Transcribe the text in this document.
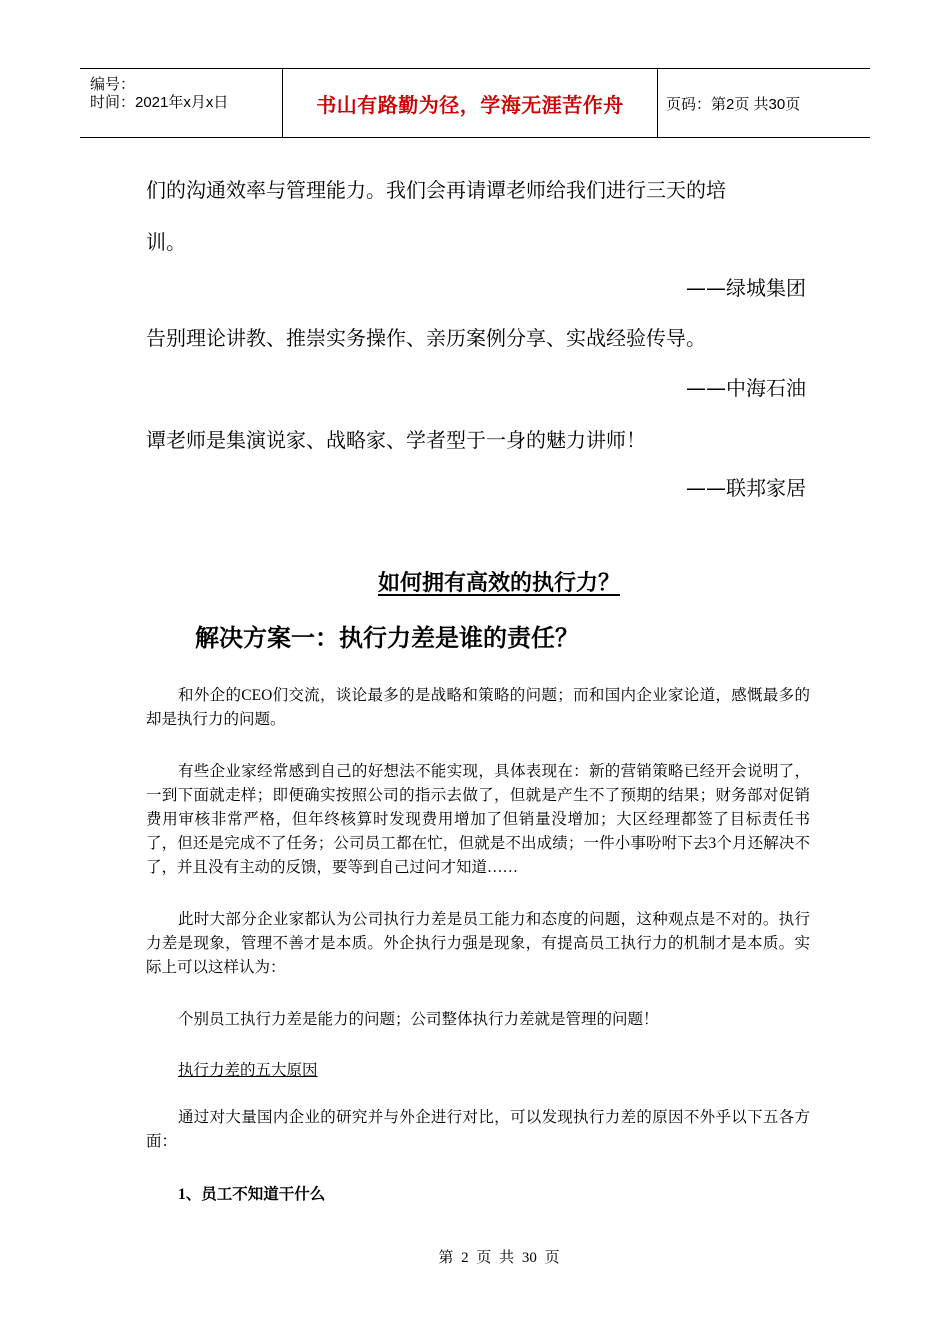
编号：
时间：2021年x月x日	书山有路勤为径，学海无涯苦作舟	页码：第2页 共30页
们的沟通效率与管理能力。我们会再请谭老师给我们进行三天的培
训。
——绿城集团
告别理论讲教、推崇实务操作、亲历案例分享、实战经验传导。
——中海石油
谭老师是集演说家、战略家、学者型于一身的魅力讲师！
——联邦家居
如何拥有高效的执行力？
解决方案一：执行力差是谁的责任？
和外企的CEO们交流，谈论最多的是战略和策略的问题；而和国内企业家论道，感慨最多的却是执行力的问题。
有些企业家经常感到自己的好想法不能实现，具体表现在：新的营销策略已经开会说明了，一到下面就走样；即便确实按照公司的指示去做了，但就是产生不了预期的结果；财务部对促销费用审核非常严格，但年终核算时发现费用增加了但销量没增加；大区经理都签了目标责任书了，但还是完成不了任务；公司员工都在忙，但就是不出成绩；一件小事吩咐下去3个月还解决不了，并且没有主动的反馈，要等到自己过问才知道……
此时大部分企业家都认为公司执行力差是员工能力和态度的问题，这种观点是不对的。执行力差是现象，管理不善才是本质。外企执行力强是现象，有提高员工执行力的机制才是本质。实际上可以这样认为：
个别员工执行力差是能力的问题；公司整体执行力差就是管理的问题！
执行力差的五大原因
通过对大量国内企业的研究并与外企进行对比，可以发现执行力差的原因不外乎以下五各方面：
1、员工不知道干什么
第 2 页 共 30 页
